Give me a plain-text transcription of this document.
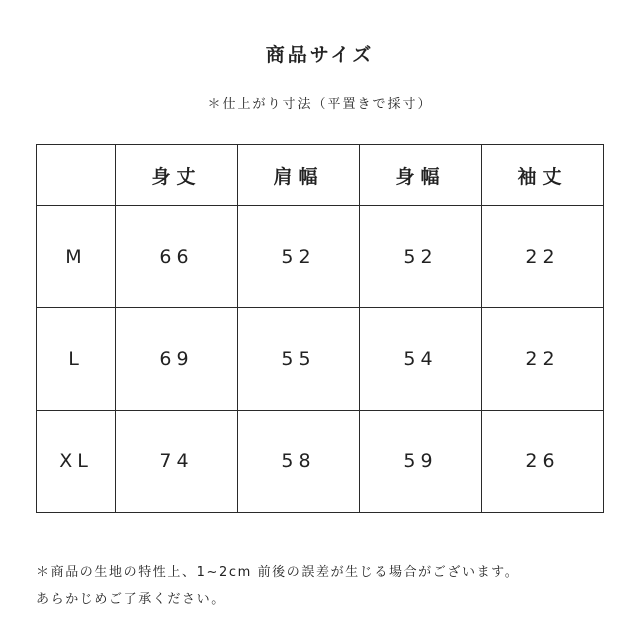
商品サイズ
＊仕上がり寸法（平置きで採寸）
	身丈	肩幅	身幅	袖丈
M	66	52	52	22
L	69	55	54	22
XL	74	58	59	26
＊商品の生地の特性上、1~2cm 前後の誤差が生じる場合がございます。
あらかじめご了承ください。
